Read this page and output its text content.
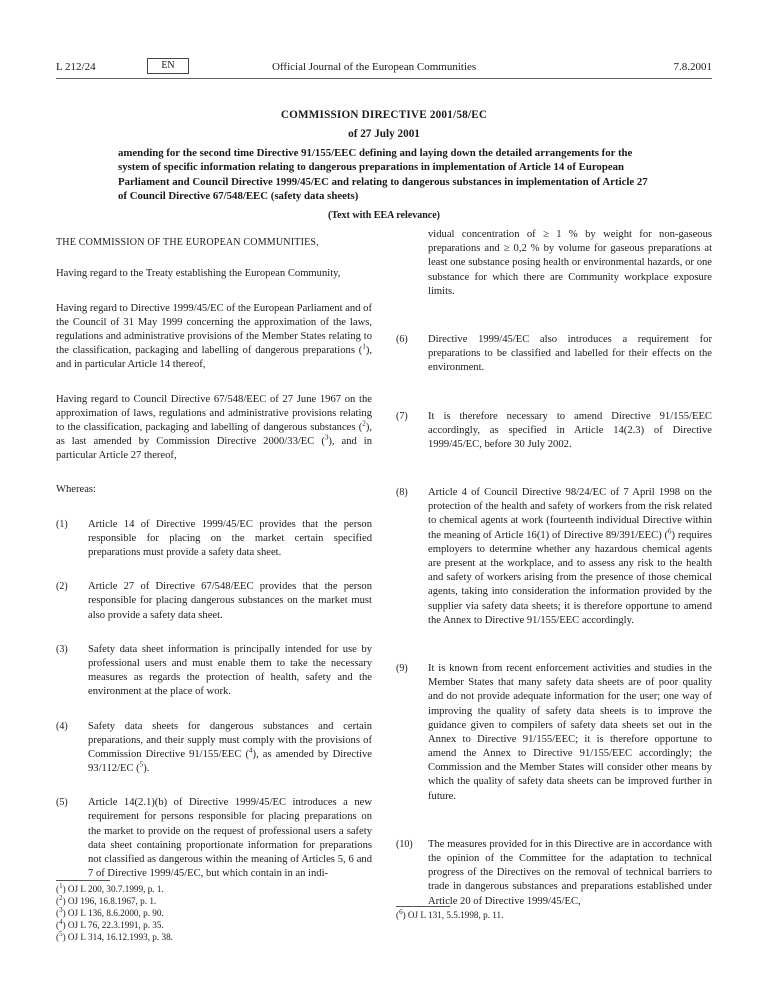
L 212/24	EN	Official Journal of the European Communities	7.8.2001
COMMISSION DIRECTIVE 2001/58/EC
of 27 July 2001
amending for the second time Directive 91/155/EEC defining and laying down the detailed arrangements for the system of specific information relating to dangerous preparations in implementation of Article 14 of European Parliament and Council Directive 1999/45/EC and relating to dangerous substances in implementation of Article 27 of Council Directive 67/548/EEC (safety data sheets)
(Text with EEA relevance)

THE COMMISSION OF THE EUROPEAN COMMUNITIES,

Having regard to the Treaty establishing the European Community,

Having regard to Directive 1999/45/EC of the European Parliament and of the Council of 31 May 1999 concerning the approximation of the laws, regulations and administrative provisions of the Member States relating to the classification, packaging and labelling of dangerous preparations ($^1$), and in particular Article 14 thereof,

Having regard to Council Directive 67/548/EEC of 27 June 1967 on the approximation of laws, regulations and administrative provisions relating to the classification, packaging and labelling of dangerous substances ($^2$), as last amended by Commission Directive 2000/33/EC ($^3$), and in particular Article 27 thereof,

Whereas:

(1) Article 14 of Directive 1999/45/EC provides that the person responsible for placing on the market certain specified preparations must provide a safety data sheet.
(2) Article 27 of Directive 67/548/EEC provides that the person responsible for placing dangerous substances on the market must also provide a safety data sheet.
(3) Safety data sheet information is principally intended for use by professional users and must enable them to take the necessary measures as regards the protection of health, safety and the environment at the place of work.
(4) Safety data sheets for dangerous substances and certain preparations, and their supply must comply with the provisions of Commission Directive 91/155/EEC ($^4$), as amended by Directive 93/112/EC ($^5$).
(5) Article 14(2.1)(b) of Directive 1999/45/EC introduces a new requirement for persons responsible for placing preparations on the market to provide on the request of professional users a safety data sheet containing proportionate information for preparations not classified as dangerous within the meaning of Articles 5, 6 and 7 of Directive 1999/45/EC, but which contain in an indi-
vidual concentration of ≥ 1 % by weight for non-gaseous preparations and ≥ 0,2 % by volume for gaseous preparations at least one substance posing health or environmental hazards, or one substance for which there are Community workplace exposure limits.
(6) Directive 1999/45/EC also introduces a requirement for preparations to be classified and labelled for their effects on the environment.
(7) It is therefore necessary to amend Directive 91/155/EEC accordingly, as specified in Article 14(2.3) of Directive 1999/45/EC, before 30 July 2002.
(8) Article 4 of Council Directive 98/24/EC of 7 April 1998 on the protection of the health and safety of workers from the risk related to chemical agents at work (fourteenth individual Directive within the meaning of Article 16(1) of Directive 89/391/EEC) ($^6$) requires employers to determine whether any hazardous chemical agents are present at the workplace, and to assess any risk to the health and safety of workers arising from the presence of those chemical agents, taking into consideration the information provided by the supplier via safety data sheets; it is therefore opportune to amend the Annex to Directive 91/155/EEC accordingly.
(9) It is known from recent enforcement activities and studies in the Member States that many safety data sheets are of poor quality and do not provide adequate information for the user; one way of improving the quality of safety data sheets is to improve the guidance given to compilers of safety data sheets set out in the Annex to Directive 91/155/EEC; it is therefore opportune to amend the Annex to Directive 91/155/EEC accordingly; the Commission and the Member States will consider other means by which the quality of safety data sheets can be improved further in future.
(10) The measures provided for in this Directive are in accordance with the opinion of the Committee for the adaptation to technical progress of the Directives on the removal of technical barriers to trade in dangerous substances and preparations established under Article 20 of Directive 1999/45/EC,
($^1$) OJ L 200, 30.7.1999, p. 1.
($^2$) OJ 196, 16.8.1967, p. 1.
($^3$) OJ L 136, 8.6.2000, p. 90.
($^4$) OJ L 76, 22.3.1991, p. 35.
($^5$) OJ L 314, 16.12.1993, p. 38.
($^6$) OJ L 131, 5.5.1998, p. 11.
